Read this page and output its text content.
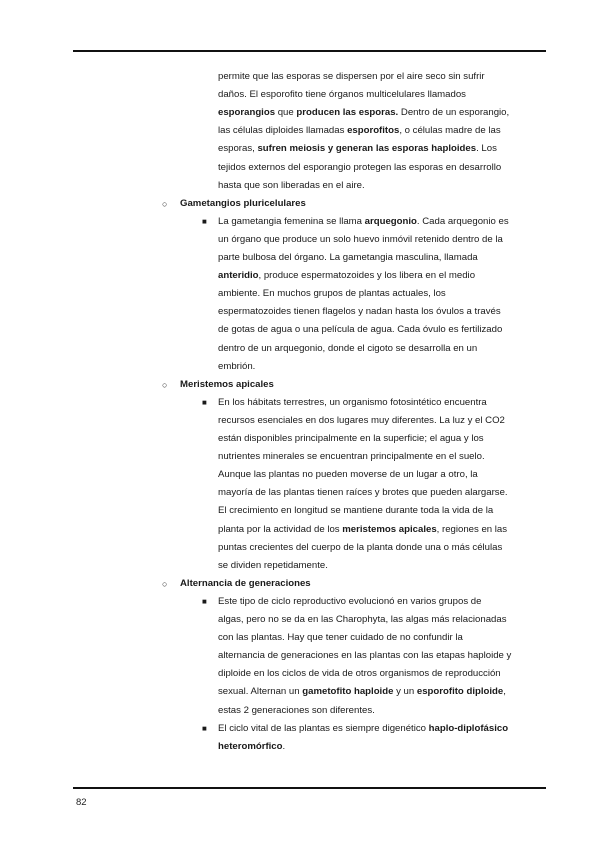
permite que las esporas se dispersen por el aire seco sin sufrir
daños. El esporofito tiene órganos multicelulares llamados
esporangios que producen las esporas. Dentro de un esporangio,
las células diploides llamadas esporofitos, o células madre de las
esporas, sufren meiosis y generan las esporas haploides. Los
tejidos externos del esporangio protegen las esporas en desarrollo
hasta que son liberadas en el aire.
○ Gametangios pluricelulares
■ La gametangia femenina se llama arquegonio. Cada arquegonio es
un órgano que produce un solo huevo inmóvil retenido dentro de la
parte bulbosa del órgano. La gametangia masculina, llamada
anteridio, produce espermatozoides y los libera en el medio
ambiente. En muchos grupos de plantas actuales, los
espermatozoides tienen flagelos y nadan hasta los óvulos a través
de gotas de agua o una película de agua. Cada óvulo es fertilizado
dentro de un arquegonio, donde el cigoto se desarrolla en un
embrión.
○ Meristemos apicales
■ En los hábitats terrestres, un organismo fotosintético encuentra
recursos esenciales en dos lugares muy diferentes. La luz y el CO2
están disponibles principalmente en la superficie; el agua y los
nutrientes minerales se encuentran principalmente en el suelo.
Aunque las plantas no pueden moverse de un lugar a otro, la
mayoría de las plantas tienen raíces y brotes que pueden alargarse.
El crecimiento en longitud se mantiene durante toda la vida de la
planta por la actividad de los meristemos apicales, regiones en las
puntas crecientes del cuerpo de la planta donde una o más células
se dividen repetidamente.
○ Alternancia de generaciones
■ Este tipo de ciclo reproductivo evolucionó en varios grupos de
algas, pero no se da en las Charophyta, las algas más relacionadas
con las plantas. Hay que tener cuidado de no confundir la
alternancia de generaciones en las plantas con las etapas haploide y
diploide en los ciclos de vida de otros organismos de reproducción
sexual. Alternan un gametofito haploide y un esporofito diploide,
estas 2 generaciones son diferentes.
■ El ciclo vital de las plantas es siempre digenético haplo-diplofásico
heteromórfico.
82
